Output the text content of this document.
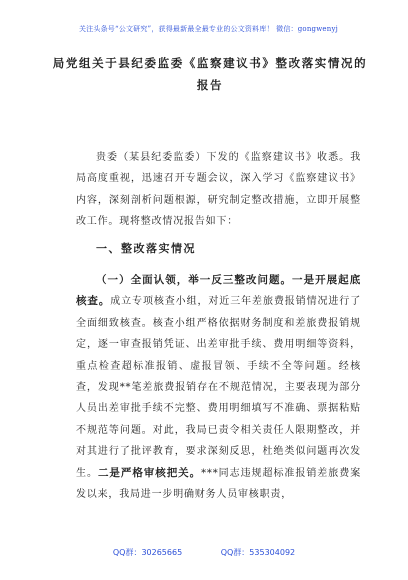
关注头条号“公文研究”，获得最新最全最专业的公文资料库！ 微信：gongwenyj
局党组关于县纪委监委《监察建议书》整改落实情况的报告
贵委（某县纪委监委）下发的《监察建议书》收悉。我局高度重视，迅速召开专题会议，深入学习《监察建议书》内容，深刻剖析问题根源，研究制定整改措施，立即开展整改工作。现将整改情况报告如下：
一、整改落实情况
（一）全面认领，举一反三整改问题。一是开展起底核查。成立专项核查小组，对近三年差旅费报销情况进行了全面细致核查。核查小组严格依据财务制度和差旅费报销规定，逐一审查报销凭证、出差审批手续、费用明细等资料，重点检查超标准报销、虚报冒领、手续不全等问题。经核查，发现**笔差旅费报销存在不规范情况，主要表现为部分人员出差审批手续不完整、费用明细填写不准确、票据粘贴不规范等问题。对此，我局已责令相关责任人限期整改，并对其进行了批评教育，要求深刻反思，杜绝类似问题再次发生。二是严格审核把关。***同志违规超标准报销差旅费案发以来，我局进一步明确财务人员审核职责，
QQ群：30265665	QQ群：535304092
